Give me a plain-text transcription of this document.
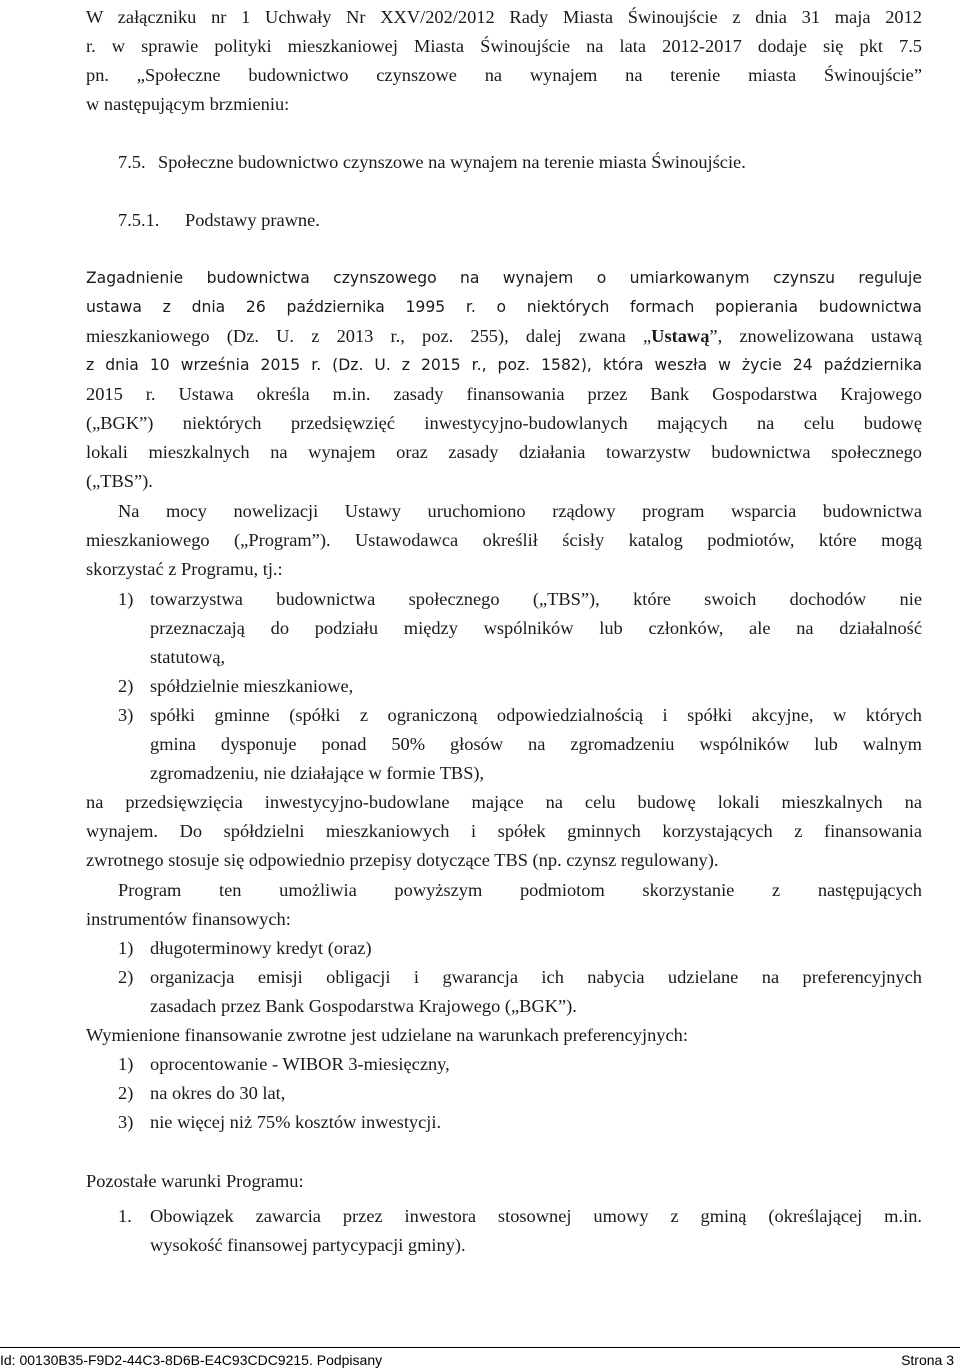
W załączniku nr 1 Uchwały Nr XXV/202/2012 Rady Miasta Świnoujście z dnia 31 maja 2012
r. w sprawie polityki mieszkaniowej Miasta Świnoujście na lata 2012-2017 dodaje się pkt 7.5
pn. „Społeczne budownictwo czynszowe na wynajem na terenie miasta Świnoujście”
w następującym brzmieniu:
7.5. Społeczne budownictwo czynszowe na wynajem na terenie miasta Świnoujście.
7.5.1. Podstawy prawne.
Zagadnienie budownictwa czynszowego na wynajem o umiarkowanym czynszu reguluje
ustawa z dnia 26 października 1995 r. o niektórych formach popierania budownictwa
mieszkaniowego (Dz. U. z 2013 r., poz. 255), dalej zwana „Ustawą”, znowelizowana ustawą
z dnia 10 września 2015 r. (Dz. U. z 2015 r., poz. 1582), która weszła w życie 24 października
2015 r. Ustawa określa m.in. zasady finansowania przez Bank Gospodarstwa Krajowego
(„BGK”) niektórych przedsięwzięć inwestycyjno-budowlanych mających na celu budowę
lokali mieszkalnych na wynajem oraz zasady działania towarzystw budownictwa społecznego
(„TBS”).
Na mocy nowelizacji Ustawy uruchomiono rządowy program wsparcia budownictwa
mieszkaniowego („Program”). Ustawodawca określił ścisły katalog podmiotów, które mogą
skorzystać z Programu, tj.:
1) towarzystwa budownictwa społecznego („TBS”), które swoich dochodów nie
przeznaczają do podziału między wspólników lub członków, ale na działalność
statutową,
2) spółdzielnie mieszkaniowe,
3) spółki gminne (spółki z ograniczoną odpowiedzialnością i spółki akcyjne, w których
gmina dysponuje ponad 50% głosów na zgromadzeniu wspólników lub walnym
zgromadzeniu, nie działające w formie TBS),
na przedsięwzięcia inwestycyjno-budowlane mające na celu budowę lokali mieszkalnych na
wynajem. Do spółdzielni mieszkaniowych i spółek gminnych korzystających z finansowania
zwrotnego stosuje się odpowiednio przepisy dotyczące TBS (np. czynsz regulowany).
Program ten umożliwia powyższym podmiotom skorzystanie z następujących
instrumentów finansowych:
1) długoterminowy kredyt (oraz)
2) organizacja emisji obligacji i gwarancja ich nabycia udzielane na preferencyjnych
zasadach przez Bank Gospodarstwa Krajowego („BGK”).
Wymienione finansowanie zwrotne jest udzielane na warunkach preferencyjnych:
1) oprocentowanie - WIBOR 3-miesięczny,
2) na okres do 30 lat,
3) nie więcej niż 75% kosztów inwestycji.
Pozostałe warunki Programu:
1. Obowiązek zawarcia przez inwestora stosownej umowy z gminą (określającej m.in.
wysokość finansowej partycypacji gminy).
Id: 00130B35-F9D2-44C3-8D6B-E4C93CDC9215. Podpisany	Strona 3
